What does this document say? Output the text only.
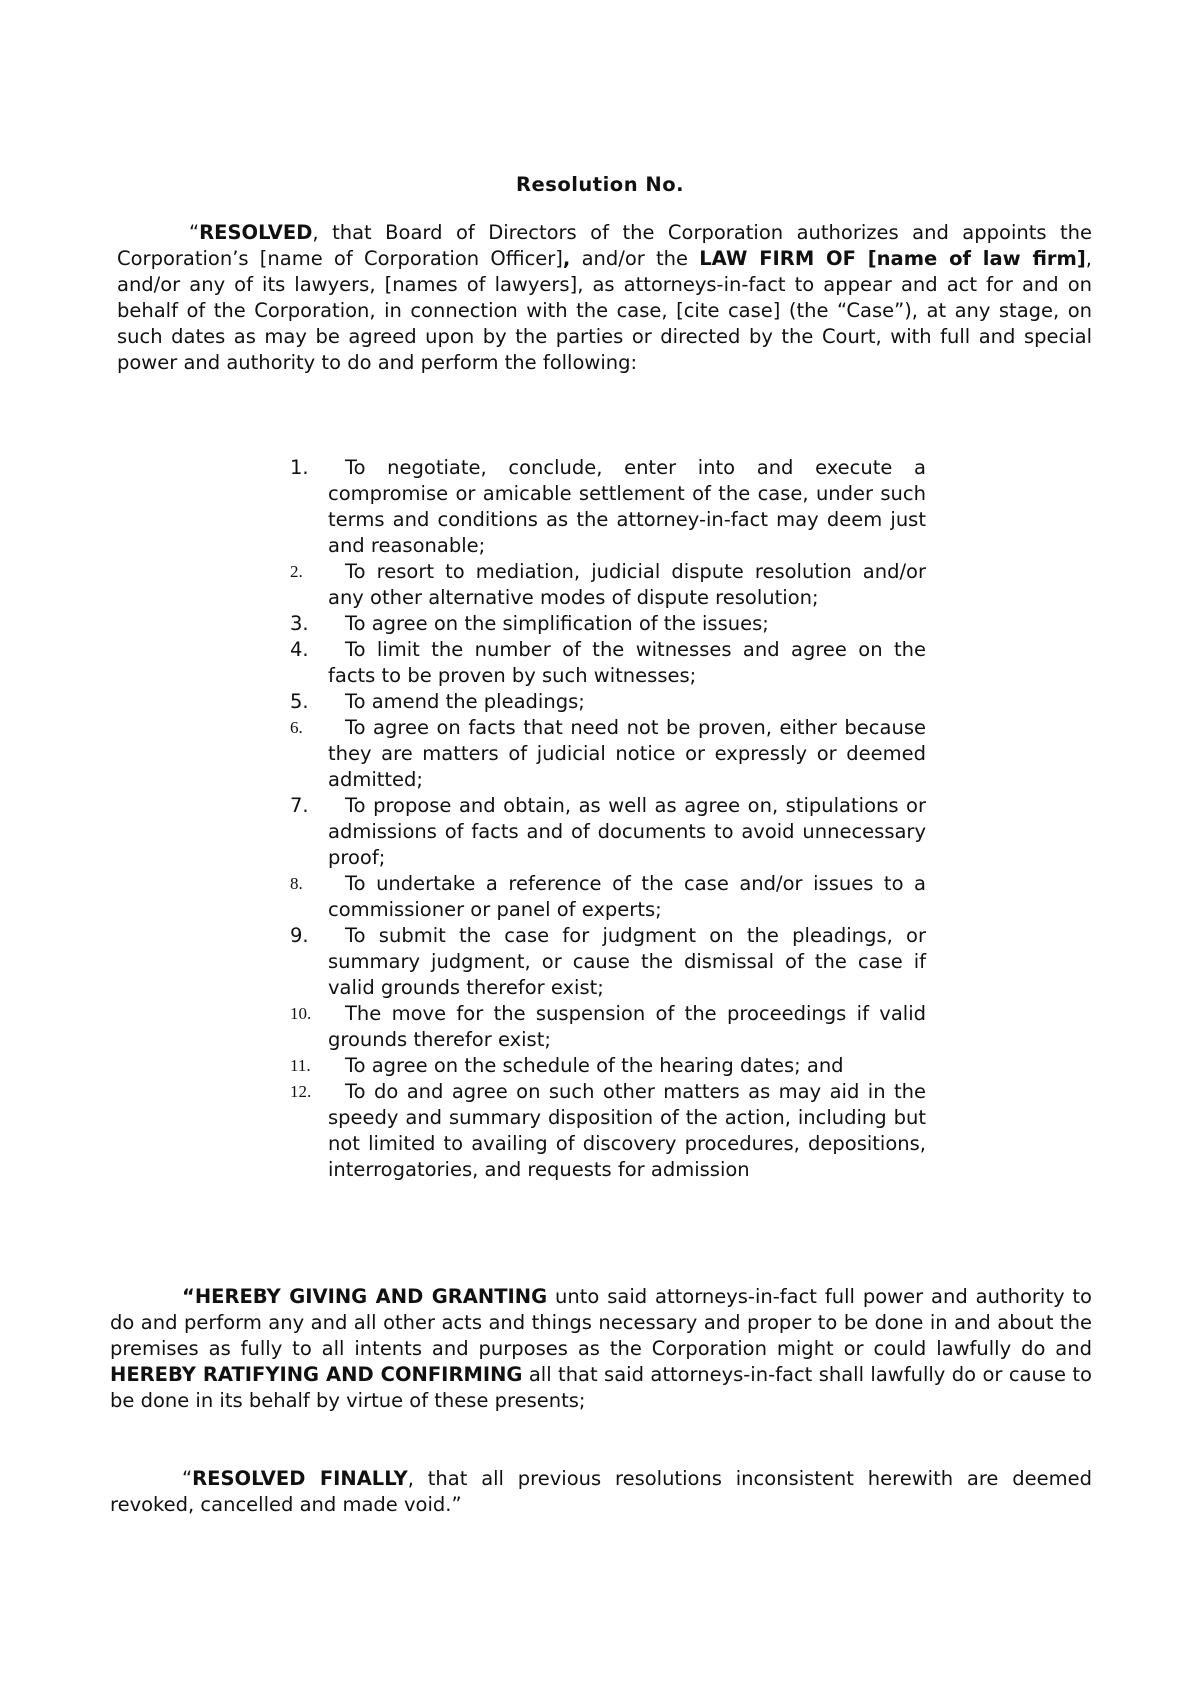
Resolution No.

“RESOLVED, that Board of Directors of the Corporation authorizes and appoints the Corporation’s [name of Corporation Officer], and/or the LAW FIRM OF [name of law firm], and/or any of its lawyers, [names of lawyers], as attorneys-in-fact to appear and act for and on behalf of the Corporation, in connection with the case, [cite case] (the “Case”), at any stage, on such dates as may be agreed upon by the parties or directed by the Court, with full and special power and authority to do and perform the following:

1.	To negotiate, conclude, enter into and execute a compromise or amicable settlement of the case, under such terms and conditions as the attorney-in-fact may deem just and reasonable;
2.	To resort to mediation, judicial dispute resolution and/or any other alternative modes of dispute resolution;
3.	To agree on the simplification of the issues;
4.	To limit the number of the witnesses and agree on the facts to be proven by such witnesses;
5.	To amend the pleadings;
6.	To agree on facts that need not be proven, either because they are matters of judicial notice or expressly or deemed admitted;
7.	To propose and obtain, as well as agree on, stipulations or admissions of facts and of documents to avoid unnecessary proof;
8.	To undertake a reference of the case and/or issues to a commissioner or panel of experts;
9.	To submit the case for judgment on the pleadings, or summary judgment, or cause the dismissal of the case if valid grounds therefor exist;
10.	The move for the suspension of the proceedings if valid grounds therefor exist;
11.	To agree on the schedule of the hearing dates; and
12.	To do and agree on such other matters as may aid in the speedy and summary disposition of the action, including but not limited to availing of discovery procedures, depositions, interrogatories, and requests for admission

“HEREBY GIVING AND GRANTING unto said attorneys-in-fact full power and authority to do and perform any and all other acts and things necessary and proper to be done in and about the premises as fully to all intents and purposes as the Corporation might or could lawfully do and HEREBY RATIFYING AND CONFIRMING all that said attorneys-in-fact shall lawfully do or cause to be done in its behalf by virtue of these presents;

“RESOLVED FINALLY, that all previous resolutions inconsistent herewith are deemed revoked, cancelled and made void.”
